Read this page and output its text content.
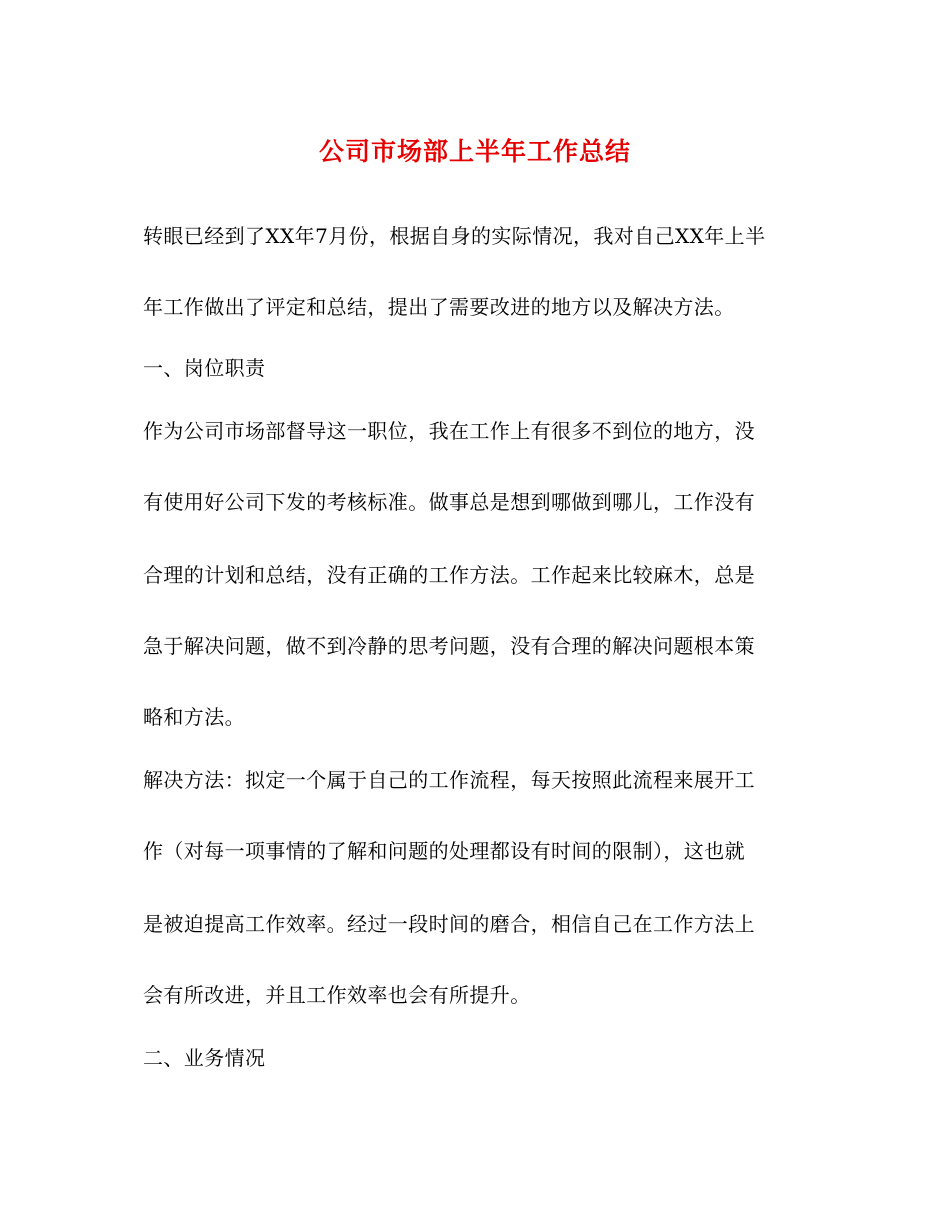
公司市场部上半年工作总结
转眼已经到了XX年7月份，根据自身的实际情况，我对自己XX年上半
年工作做出了评定和总结，提出了需要改进的地方以及解决方法。
一、岗位职责
作为公司市场部督导这一职位，我在工作上有很多不到位的地方，没
有使用好公司下发的考核标准。做事总是想到哪做到哪儿，工作没有
合理的计划和总结，没有正确的工作方法。工作起来比较麻木，总是
急于解决问题，做不到冷静的思考问题，没有合理的解决问题根本策
略和方法。
解决方法：拟定一个属于自己的工作流程，每天按照此流程来展开工
作（对每一项事情的了解和问题的处理都设有时间的限制），这也就
是被迫提高工作效率。经过一段时间的磨合，相信自己在工作方法上
会有所改进，并且工作效率也会有所提升。
二、业务情况
